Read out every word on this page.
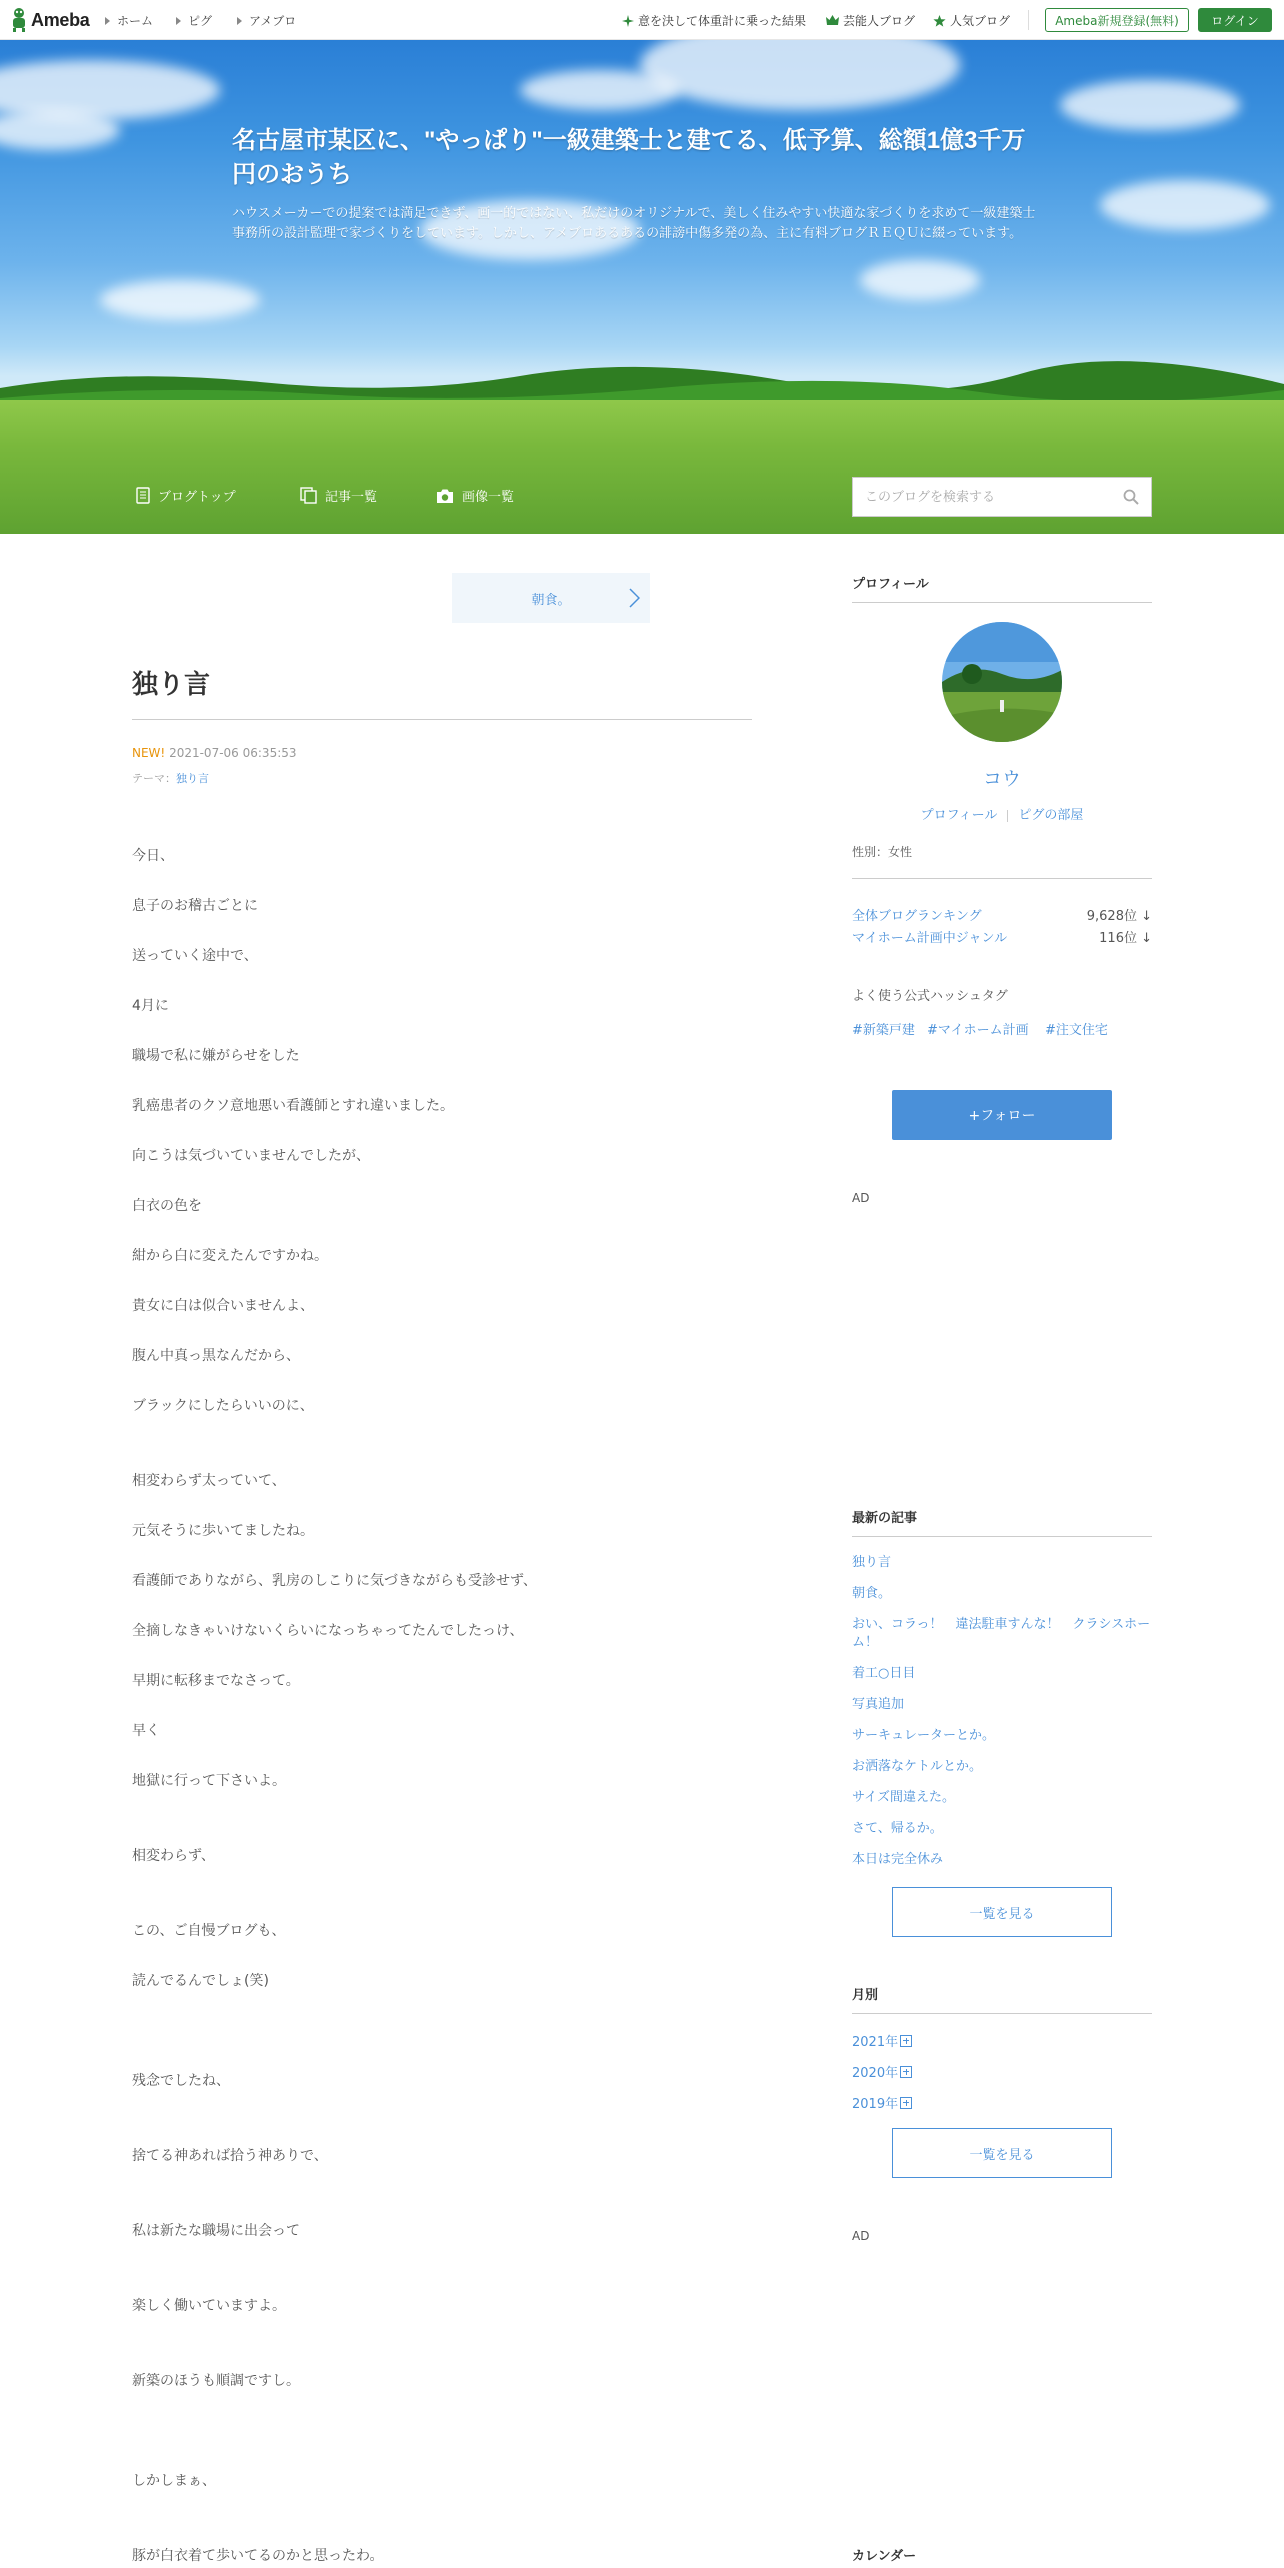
Ameba ホーム	ピグ	アメブロ	意を決して体重計に乗った結果	芸能人ブログ	人気ブログ	Ameba新規登録(無料)	ログイン
名古屋市某区に、"やっぱり"一級建築士と建てる、低予算、総額1億3千万円のおうち
ハウスメーカーでの提案では満足できず、画一的ではない、私だけのオリジナルで、美しく住みやすい快適な家づくりを求めて一級建築士事務所の設計監理で家づくりをしています。しかし、アメブロあるあるの誹謗中傷多発の為、主に有料ブログＲＥＱＵに綴っています。
ブログトップ	記事一覧	画像一覧
このブログを検索する
朝食。
独り言
NEW! 2021-07-06 06:35:53
テーマ：独り言

今日、

息子のお稽古ごとに

送っていく途中で、

4月に

職場で私に嫌がらせをした

乳癌患者のクソ意地悪い看護師とすれ違いました。

向こうは気づいていませんでしたが、

白衣の色を

紺から白に変えたんですかね。

貴女に白は似合いませんよ、

腹ん中真っ黒なんだから、

ブラックにしたらいいのに、

相変わらず太っていて、

元気そうに歩いてましたね。

看護師でありながら、乳房のしこりに気づきながらも受診せず、

全摘しなきゃいけないくらいになっちゃってたんでしたっけ、

早期に転移までなさって。

早く

地獄に行って下さいよ。

相変わらず、

この、ご自慢ブログも、

読んでるんでしょ(笑)

残念でしたね、

捨てる神あれば拾う神ありで、

私は新たな職場に出会って

楽しく働いていますよ。

新築のほうも順調ですし。

しかしまぁ、

豚が白衣着て歩いてるのかと思ったわ。

プロフィール
コウ
プロフィール ピグの部屋
性別：女性
全体ブログランキング	9,628位 ↓
マイホーム計画中ジャンル	116位 ↓
よく使う公式ハッシュタグ
#新築戸建 #マイホーム計画 #注文住宅
+フォロー
AD
最新の記事
独り言
朝食。
おい、コラっ！　違法駐車すんな！　クラシスホーム！
着工○日目
写真追加
サーキュレーターとか。
お洒落なケトルとか。
サイズ間違えた。
さて、帰るか。
本日は完全休み
一覧を見る
月別
2021年
2020年
2019年
一覧を見る
AD
カレンダー
